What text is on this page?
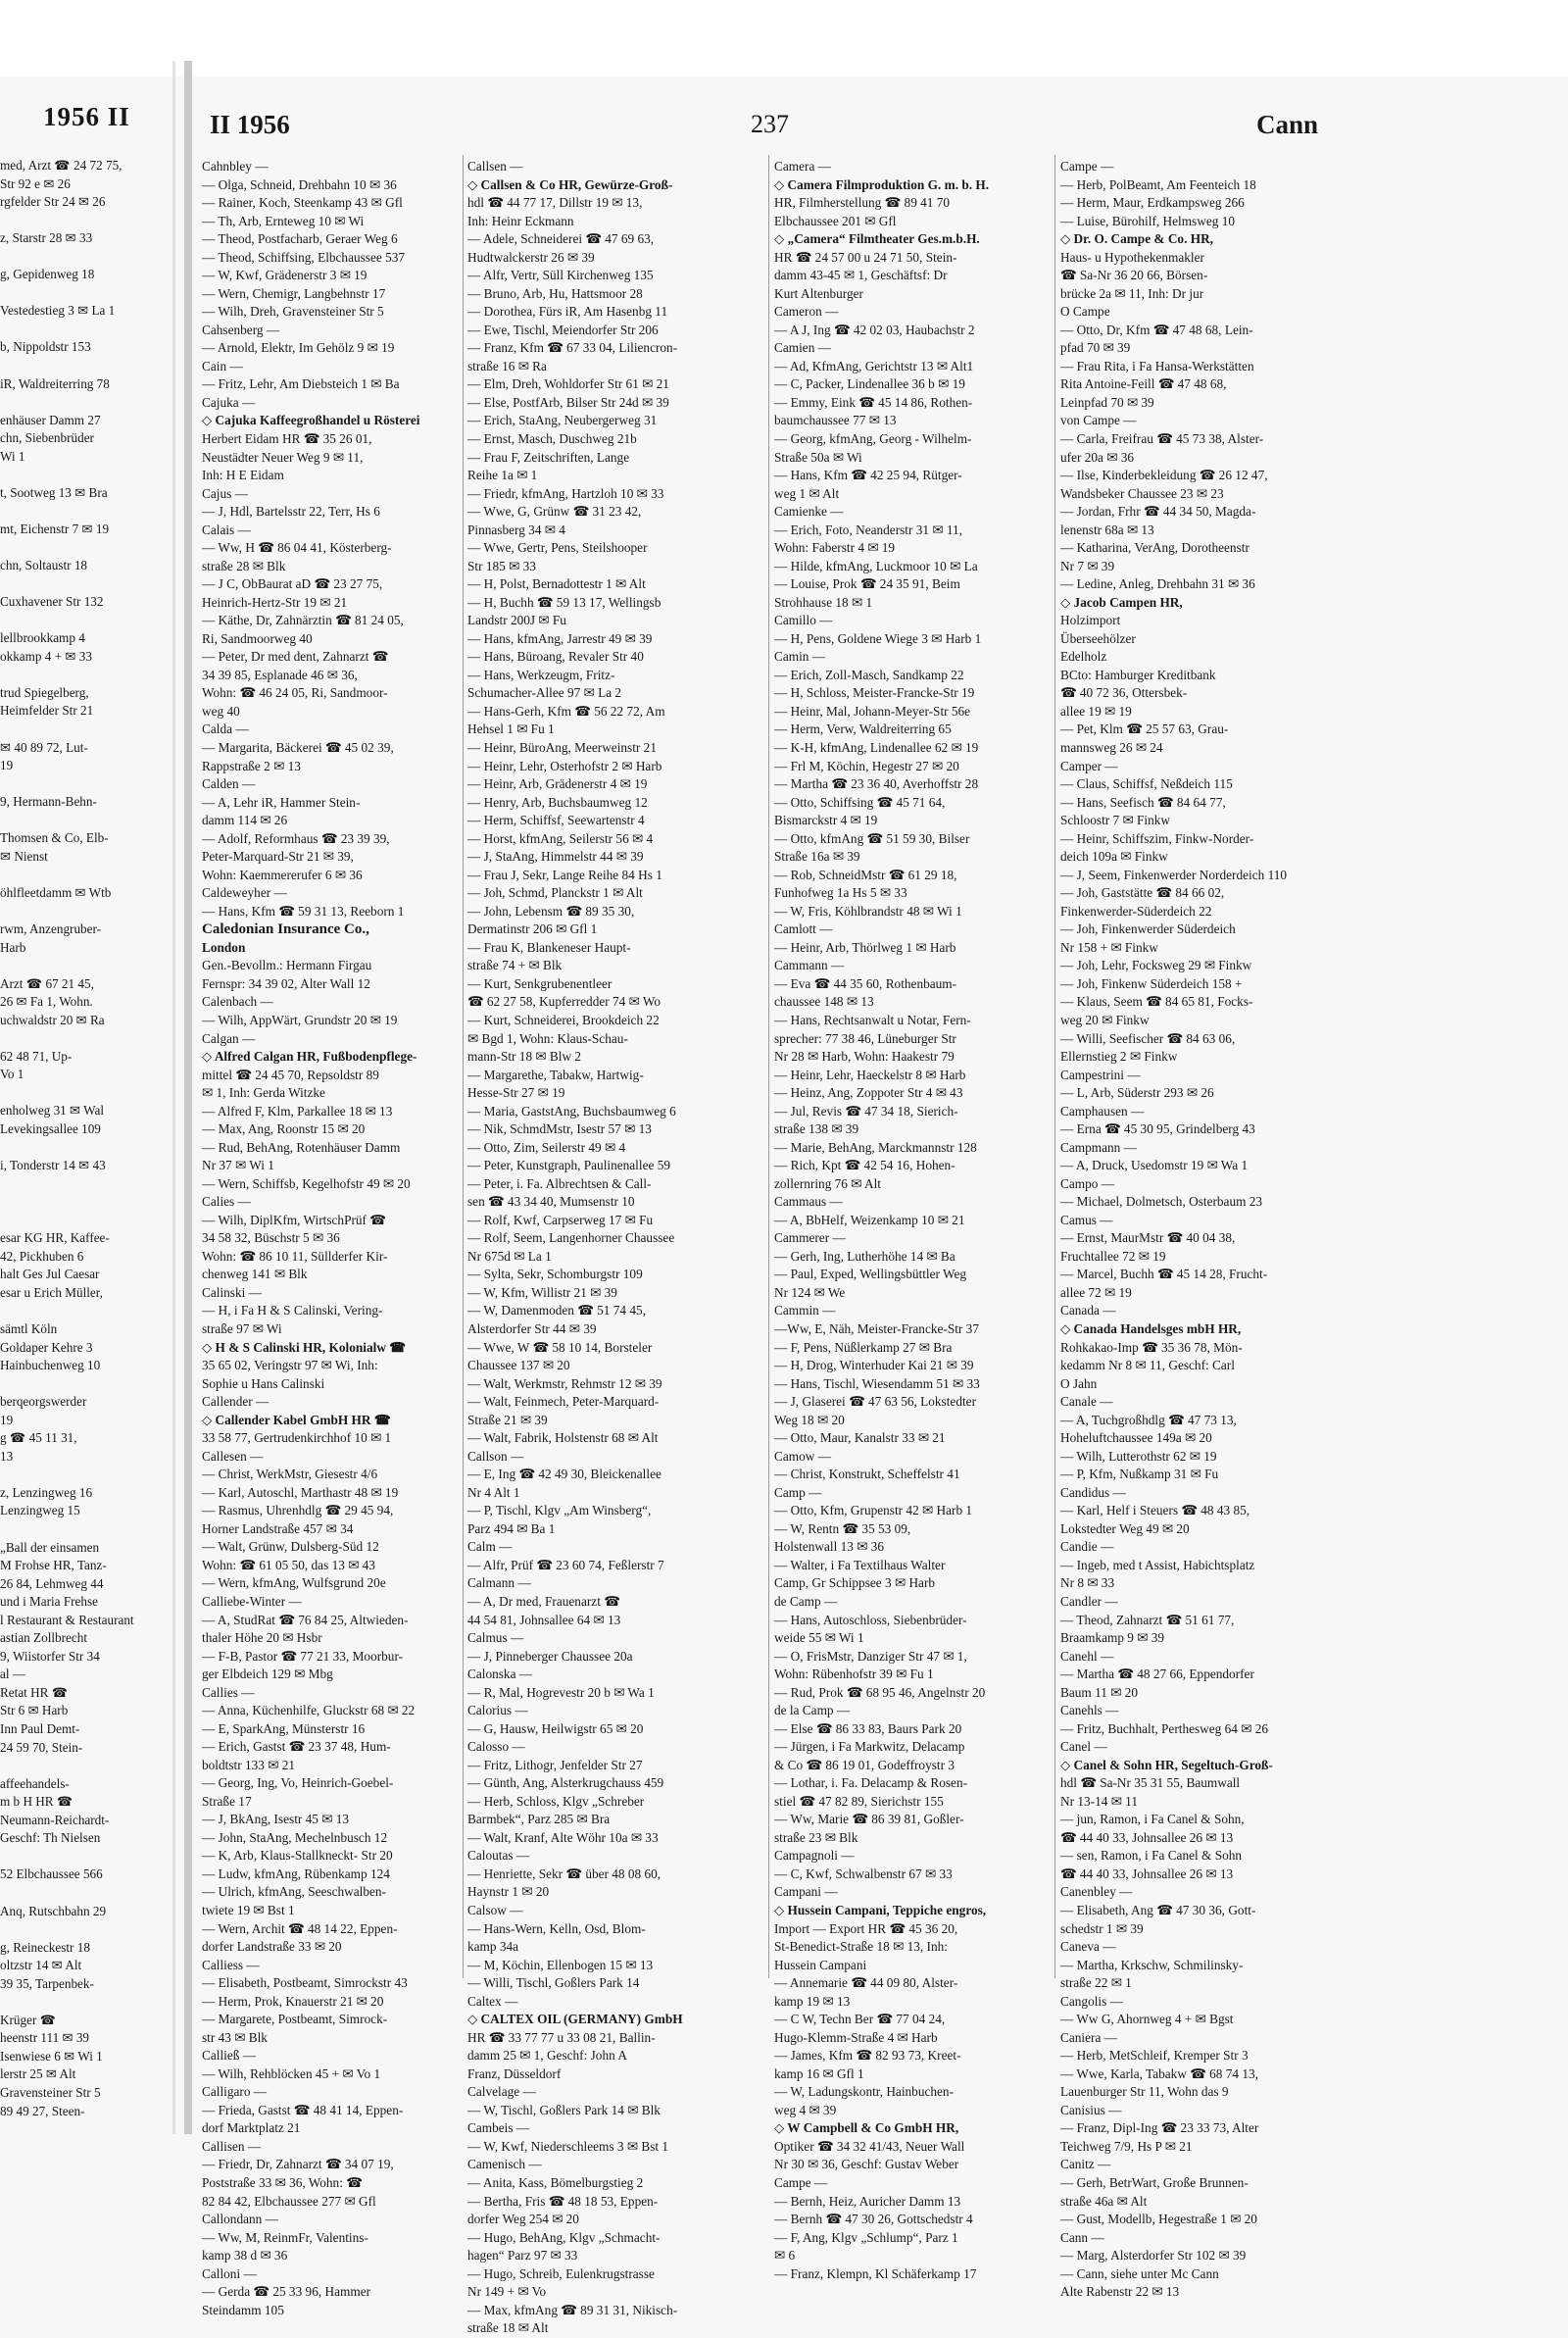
1956 II
med, Arzt ☎ 24 72 75,
Str 92 e ✉ 26
rgfelder Str 24 ✉ 26

z, Starstr 28 ✉ 33

g, Gepidenweg 18

Vestedestieg 3 ✉ La 1

b, Nippoldstr 153

iR, Waldreiterring 78

enhäuser Damm 27
chn, Siebenbrüder
Wi 1

t, Sootweg 13 ✉ Bra

mt, Eichenstr 7 ✉ 19

chn, Soltaustr 18

Cuxhavener Str 132

lellbrookkamp 4
okkamp 4 + ✉ 33

trud Spiegelberg,
Heimfelder Str 21

✉ 40 89 72, Lut-
19

9, Hermann-Behn-

Thomsen & Co, Elb-
✉ Nienst

öhlfleetdamm ✉ Wtb

rwm, Anzengruber-
Harb

Arzt ☎ 67 21 45,
26 ✉ Fa 1, Wohn.
uchwaldstr 20 ✉ Ra

62 48 71, Up-
Vo 1

enholweg 31 ✉ Wal
Levekingsallee 109

i, Tonderstr 14 ✉ 43

esar KG HR, Kaffee-
42, Pickhuben 6
halt Ges Jul Caesar
esar u Erich Müller,

sämtl Köln
Goldaper Kehre 3
Hainbuchenweg 10

berqeorgswerder
19
g ☎ 45 11 31,
13

z, Lenzingweg 16
Lenzingweg 15

„Ball der einsamen
M Frohse HR, Tanz-
26 84, Lehmweg 44
und i Maria Frehse
l Restaurant & Restaurant
astian Zollbrecht
9, Wiistorfer Str 34
al —
Retat HR ☎
Str 6 ✉ Harb
Inn Paul Demt-
24 59 70, Stein-

affeehandels-
m b H HR ☎
Neumann-Reichardt-
Geschf: Th Nielsen

52 Elbchaussee 566

Anq, Rutschbahn 29

g, Reineckestr 18
oltzstr 14 ✉ Alt
39 35, Tarpenbek-

Krüger ☎
heenstr 111 ✉ 39
Isenwiese 6 ✉ Wi 1
lerstr 25 ✉ Alt
Gravensteiner Str 5
89 49 27, Steen-
II 1956	237	Cann
Cahnbley —
— Olga, Schneid, Drehbahn 10 ✉ 36
— Rainer, Koch, Steenkamp 43 ✉ Gfl
— Th, Arb, Ernteweg 10 ✉ Wi
— Theod, Postfacharb, Geraer Weg 6
— Theod, Schiffsing, Elbchaussee 537
— W, Kwf, Grädenerstr 3 ✉ 19
— Wern, Chemigr, Langbehnstr 17
— Wilh, Dreh, Gravensteiner Str 5
Cahsenberg —
— Arnold, Elektr, Im Gehölz 9 ✉ 19
Cain —
— Fritz, Lehr, Am Diebsteich 1 ✉ Ba
Cajuka —
◇ Cajuka Kaffeegroßhandel u Rösterei
Herbert Eidam HR ☎ 35 26 01,
Neustädter Neuer Weg 9 ✉ 11,
Inh: H E Eidam
Cajus —
— J, Hdl, Bartelsstr 22, Terr, Hs 6
Calais —
— Ww, H ☎ 86 04 41, Kösterberg-
straße 28 ✉ Blk
— J C, ObBaurat aD ☎ 23 27 75,
Heinrich-Hertz-Str 19 ✉ 21
— Käthe, Dr, Zahnärztin ☎ 81 24 05,
Ri, Sandmoorweg 40
— Peter, Dr med dent, Zahnarzt ☎
34 39 85, Esplanade 46 ✉ 36,
Wohn: ☎ 46 24 05, Ri, Sandmoor-
weg 40
Calda —
— Margarita, Bäckerei ☎ 45 02 39,
Rappstraße 2 ✉ 13
Calden —
— A, Lehr iR, Hammer Stein-
damm 114 ✉ 26
— Adolf, Reformhaus ☎ 23 39 39,
Peter-Marquard-Str 21 ✉ 39,
Wohn: Kaemmererufer 6 ✉ 36
Caldeweyher —
— Hans, Kfm ☎ 59 31 13, Reeborn 1
Caledonian Insurance Co.,
London
Gen.-Bevollm.: Hermann Firgau
Fernspr: 34 39 02, Alter Wall 12
Calenbach —
— Wilh, AppWärt, Grundstr 20 ✉ 19
Calgan —
◇ Alfred Calgan HR, Fußbodenpflege-
mittel ☎ 24 45 70, Repsoldstr 89
✉ 1, Inh: Gerda Witzke
— Alfred F, Klm, Parkallee 18 ✉ 13
— Max, Ang, Roonstr 15 ✉ 20
— Rud, BehAng, Rotenhäuser Damm
Nr 37 ✉ Wi 1
— Wern, Schiffsb, Kegelhofstr 49 ✉ 20
Calies —
— Wilh, DiplKfm, WirtschPrüf ☎
34 58 32, Büschstr 5 ✉ 36
Wohn: ☎ 86 10 11, Süllderfer Kir-
chenweg 141 ✉ Blk
Calinski —
— H, i Fa H & S Calinski, Vering-
straße 97 ✉ Wi
◇ H & S Calinski HR, Kolonialw ☎
35 65 02, Veringstr 97 ✉ Wi, Inh:
Sophie u Hans Calinski
Callender —
◇ Callender Kabel GmbH HR ☎
33 58 77, Gertrudenkirchhof 10 ✉ 1
Callesen —
— Christ, WerkMstr, Giesestr 4/6
— Karl, Autoschl, Marthastr 48 ✉ 19
— Rasmus, Uhrenhdlg ☎ 29 45 94,
Horner Landstraße 457 ✉ 34
— Walt, Grünw, Dulsberg-Süd 12
Wohn: ☎ 61 05 50, das 13 ✉ 43
— Wern, kfmAng, Wulfsgrund 20e
Calliebe-Winter —
— A, StudRat ☎ 76 84 25, Altwieden-
thaler Höhe 20 ✉ Hsbr
— F-B, Pastor ☎ 77 21 33, Moorbur-
ger Elbdeich 129 ✉ Mbg
Callies —
— Anna, Küchenhilfe, Gluckstr 68 ✉ 22
— E, SparkAng, Münsterstr 16
— Erich, Gastst ☎ 23 37 48, Hum-
boldtstr 133 ✉ 21
— Georg, Ing, Vo, Heinrich-Goebel-
Straße 17
— J, BkAng, Isestr 45 ✉ 13
— John, StaAng, Mechelnbusch 12
— K, Arb, Klaus-Stallkneckt- Str 20
— Ludw, kfmAng, Rübenkamp 124
— Ulrich, kfmAng, Seeschwalben-
twiete 19 ✉ Bst 1
— Wern, Archit ☎ 48 14 22, Eppen-
dorfer Landstraße 33 ✉ 20
Calliess —
— Elisabeth, Postbeamt, Simrockstr 43
— Herm, Prok, Knauerstr 21 ✉ 20
— Margarete, Postbeamt, Simrock-
str 43 ✉ Blk
Calließ —
— Wilh, Rehblöcken 45 + ✉ Vo 1
Calligaro —
— Frieda, Gastst ☎ 48 41 14, Eppen-
dorf Marktplatz 21
Callisen —
— Friedr, Dr, Zahnarzt ☎ 34 07 19,
Poststraße 33 ✉ 36, Wohn: ☎
82 84 42, Elbchaussee 277 ✉ Gfl
Callondann —
— Ww, M, ReinmFr, Valentins-
kamp 38 d ✉ 36
Calloni —
— Gerda ☎ 25 33 96, Hammer
Steindamm 105
Callsen —
◇ Callsen & Co HR, Gewürze-Groß-
hdl ☎ 44 77 17, Dillstr 19 ✉ 13,
Inh: Heinr Eckmann
— Adele, Schneiderei ☎ 47 69 63,
Hudtwalckerstr 26 ✉ 39
— Alfr, Vertr, Süll Kirchenweg 135
— Bruno, Arb, Hu, Hattsmoor 28
— Dorothea, Fürs iR, Am Hasenbg 11
— Ewe, Tischl, Meiendorfer Str 206
— Franz, Kfm ☎ 67 33 04, Liliencron-
straße 16 ✉ Ra
— Elm, Dreh, Wohldorfer Str 61 ✉ 21
— Else, PostfArb, Bilser Str 24d ✉ 39
— Erich, StaAng, Neubergerweg 31
— Ernst, Masch, Duschweg 21b
— Frau F, Zeitschriften, Lange
Reihe 1a ✉ 1
— Friedr, kfmAng, Hartzloh 10 ✉ 33
— Wwe, G, Grünw ☎ 31 23 42,
Pinnasberg 34 ✉ 4
— Wwe, Gertr, Pens, Steilshooper
Str 185 ✉ 33
— H, Polst, Bernadottestr 1 ✉ Alt
— H, Buchh ☎ 59 13 17, Wellingsb
Landstr 200J ✉ Fu
— Hans, kfmAng, Jarrestr 49 ✉ 39
— Hans, Büroang, Revaler Str 40
— Hans, Werkzeugm, Fritz-
Schumacher-Allee 97 ✉ La 2
— Hans-Gerh, Kfm ☎ 56 22 72, Am
Hehsel 1 ✉ Fu 1
— Heinr, BüroAng, Meerweinstr 21
— Heinr, Lehr, Osterhofstr 2 ✉ Harb
— Heinr, Arb, Grädenerstr 4 ✉ 19
— Henry, Arb, Buchsbaumweg 12
— Herm, Schiffsf, Seewartenstr 4
— Horst, kfmAng, Seilerstr 56 ✉ 4
— J, StaAng, Himmelstr 44 ✉ 39
— Frau J, Sekr, Lange Reihe 84 Hs 1
— Joh, Schmd, Planckstr 1 ✉ Alt
— John, Lebensm ☎ 89 35 30,
Dermatinstr 206 ✉ Gfl 1
— Frau K, Blankeneser Haupt-
straße 74 + ✉ Blk
— Kurt, Senkgrubenentleer
☎ 62 27 58, Kupferredder 74 ✉ Wo
— Kurt, Schneiderei, Brookdeich 22
✉ Bgd 1, Wohn: Klaus-Schau-
mann-Str 18 ✉ Blw 2
— Margarethe, Tabakw, Hartwig-
Hesse-Str 27 ✉ 19
— Maria, GaststAng, Buchsbaumweg 6
— Nik, SchmdMstr, Isestr 57 ✉ 13
— Otto, Zim, Seilerstr 49 ✉ 4
— Peter, Kunstgraph, Paulinenallee 59
— Peter, i. Fa. Albrechtsen & Call-
sen ☎ 43 34 40, Mumsenstr 10
— Rolf, Kwf, Carpserweg 17 ✉ Fu
— Rolf, Seem, Langenhorner Chaussee
Nr 675d ✉ La 1
— Sylta, Sekr, Schomburgstr 109
— W, Kfm, Willistr 21 ✉ 39
— W, Damenmoden ☎ 51 74 45,
Alsterdorfer Str 44 ✉ 39
— Wwe, W ☎ 58 10 14, Borsteler
Chaussee 137 ✉ 20
— Walt, Werkmstr, Rehmstr 12 ✉ 39
— Walt, Feinmech, Peter-Marquard-
Straße 21 ✉ 39
— Walt, Fabrik, Holstenstr 68 ✉ Alt
Callson —
— E, Ing ☎ 42 49 30, Bleickenallee
Nr 4 Alt 1
— P, Tischl, Klgv „Am Winsberg“,
Parz 494 ✉ Ba 1
Calm —
— Alfr, Prüf ☎ 23 60 74, Feßlerstr 7
Calmann —
— A, Dr med, Frauenarzt ☎
44 54 81, Johnsallee 64 ✉ 13
Calmus —
— J, Pinneberger Chaussee 20a
Calonska —
— R, Mal, Hogrevestr 20 b ✉ Wa 1
Calorius —
— G, Hausw, Heilwigstr 65 ✉ 20
Calosso —
— Fritz, Lithogr, Jenfelder Str 27
— Günth, Ang, Alsterkrugchauss 459
— Herb, Schloss, Klgv „Schreber
Barmbek“, Parz 285 ✉ Bra
— Walt, Kranf, Alte Wöhr 10a ✉ 33
Caloutas —
— Henriette, Sekr ☎ über 48 08 60,
Haynstr 1 ✉ 20
Calsow —
— Hans-Wern, Kelln, Osd, Blom-
kamp 34a
— M, Köchin, Ellenbogen 15 ✉ 13
— Willi, Tischl, Goßlers Park 14
Caltex —
◇ CALTEX OIL (GERMANY) GmbH
HR ☎ 33 77 77 u 33 08 21, Ballin-
damm 25 ✉ 1, Geschf: John A
Franz, Düsseldorf
Calvelage —
— W, Tischl, Goßlers Park 14 ✉ Blk
Cambeis —
— W, Kwf, Niederschleems 3 ✉ Bst 1
Camenisch —
— Anita, Kass, Bömelburgstieg 2
— Bertha, Fris ☎ 48 18 53, Eppen-
dorfer Weg 254 ✉ 20
— Hugo, BehAng, Klgv „Schmacht-
hagen“ Parz 97 ✉ 33
— Hugo, Schreib, Eulenkrugstrasse
Nr 149 + ✉ Vo
— Max, kfmAng ☎ 89 31 31, Nikisch-
straße 18 ✉ Alt
Camera —
◇ Camera Filmproduktion G. m. b. H.
HR, Filmherstellung ☎ 89 41 70
Elbchaussee 201 ✉ Gfl
◇ „Camera“ Filmtheater Ges.m.b.H.
HR ☎ 24 57 00 u 24 71 50, Stein-
damm 43-45 ✉ 1, Geschäftsf: Dr
Kurt Altenburger
Cameron —
— A J, Ing ☎ 42 02 03, Haubachstr 2
Camien —
— Ad, KfmAng, Gerichtstr 13 ✉ Alt1
— C, Packer, Lindenallee 36 b ✉ 19
— Emmy, Eink ☎ 45 14 86, Rothen-
baumchaussee 77 ✉ 13
— Georg, kfmAng, Georg - Wilhelm-
Straße 50a ✉ Wi
— Hans, Kfm ☎ 42 25 94, Rütger-
weg 1 ✉ Alt
Camienke —
— Erich, Foto, Neanderstr 31 ✉ 11,
Wohn: Faberstr 4 ✉ 19
— Hilde, kfmAng, Luckmoor 10 ✉ La
— Louise, Prok ☎ 24 35 91, Beim
Strohhause 18 ✉ 1
Camillo —
— H, Pens, Goldene Wiege 3 ✉ Harb 1
Camin —
— Erich, Zoll-Masch, Sandkamp 22
— H, Schloss, Meister-Francke-Str 19
— Heinr, Mal, Johann-Meyer-Str 56e
— Herm, Verw, Waldreiterring 65
— K-H, kfmAng, Lindenallee 62 ✉ 19
— Frl M, Köchin, Hegestr 27 ✉ 20
— Martha ☎ 23 36 40, Averhoffstr 28
— Otto, Schiffsing ☎ 45 71 64,
Bismarckstr 4 ✉ 19
— Otto, kfmAng ☎ 51 59 30, Bilser
Straße 16a ✉ 39
— Rob, SchneidMstr ☎ 61 29 18,
Funhofweg 1a Hs 5 ✉ 33
— W, Fris, Köhlbrandstr 48 ✉ Wi 1
Camlott —
— Heinr, Arb, Thörlweg 1 ✉ Harb
Cammann —
— Eva ☎ 44 35 60, Rothenbaum-
chaussee 148 ✉ 13
— Hans, Rechtsanwalt u Notar, Fern-
sprecher: 77 38 46, Lüneburger Str
Nr 28 ✉ Harb, Wohn: Haakestr 79
— Heinr, Lehr, Haeckelstr 8 ✉ Harb
— Heinz, Ang, Zoppoter Str 4 ✉ 43
— Jul, Revis ☎ 47 34 18, Sierich-
straße 138 ✉ 39
— Marie, BehAng, Marckmannstr 128
— Rich, Kpt ☎ 42 54 16, Hohen-
zollernring 76 ✉ Alt
Cammaus —
— A, BbHelf, Weizenkamp 10 ✉ 21
Cammerer —
— Gerh, Ing, Lutherhöhe 14 ✉ Ba
— Paul, Exped, Wellingsbüttler Weg
Nr 124 ✉ We
Cammin —
—Ww, E, Näh, Meister-Francke-Str 37
— F, Pens, Nüßlerkamp 27 ✉ Bra
— H, Drog, Winterhuder Kai 21 ✉ 39
— Hans, Tischl, Wiesendamm 51 ✉ 33
— J, Glaserei ☎ 47 63 56, Lokstedter
Weg 18 ✉ 20
— Otto, Maur, Kanalstr 33 ✉ 21
Camow —
— Christ, Konstrukt, Scheffelstr 41
Camp —
— Otto, Kfm, Grupenstr 42 ✉ Harb 1
— W, Rentn ☎ 35 53 09,
Holstenwall 13 ✉ 36
— Walter, i Fa Textilhaus Walter
Camp, Gr Schippsee 3 ✉ Harb
de Camp —
— Hans, Autoschloss, Siebenbrüder-
weide 55 ✉ Wi 1
— O, FrisMstr, Danziger Str 47 ✉ 1,
Wohn: Rübenhofstr 39 ✉ Fu 1
— Rud, Prok ☎ 68 95 46, Angelnstr 20
de la Camp —
— Else ☎ 86 33 83, Baurs Park 20
— Jürgen, i Fa Markwitz, Delacamp
& Co ☎ 86 19 01, Godeffroystr 3
— Lothar, i. Fa. Delacamp & Rosen-
stiel ☎ 47 82 89, Sierichstr 155
— Ww, Marie ☎ 86 39 81, Goßler-
straße 23 ✉ Blk
Campagnoli —
— C, Kwf, Schwalbenstr 67 ✉ 33
Campani —
◇ Hussein Campani, Teppiche engros,
Import — Export HR ☎ 45 36 20,
St-Benedict-Straße 18 ✉ 13, Inh:
Hussein Campani
— Annemarie ☎ 44 09 80, Alster-
kamp 19 ✉ 13
— C W, Techn Ber ☎ 77 04 24,
Hugo-Klemm-Straße 4 ✉ Harb
— James, Kfm ☎ 82 93 73, Kreet-
kamp 16 ✉ Gfl 1
— W, Ladungskontr, Hainbuchen-
weg 4 ✉ 39
◇ W Campbell & Co GmbH HR,
Optiker ☎ 34 32 41/43, Neuer Wall
Nr 30 ✉ 36, Geschf: Gustav Weber
Campe —
— Bernh, Heiz, Auricher Damm 13
— Bernh ☎ 47 30 26, Gottschedstr 4
— F, Ang, Klgv „Schlump“, Parz 1
✉ 6
— Franz, Klempn, Kl Schäferkamp 17
Campe —
— Herb, PolBeamt, Am Feenteich 18
— Herm, Maur, Erdkampsweg 266
— Luise, Bürohilf, Helmsweg 10
◇ Dr. O. Campe & Co. HR,
Haus- u Hypothekenmakler
☎ Sa-Nr 36 20 66, Börsen-
brücke 2a ✉ 11, Inh: Dr jur
O Campe
— Otto, Dr, Kfm ☎ 47 48 68, Lein-
pfad 70 ✉ 39
— Frau Rita, i Fa Hansa-Werkstätten
Rita Antoine-Feill ☎ 47 48 68,
Leinpfad 70 ✉ 39
von Campe —
— Carla, Freifrau ☎ 45 73 38, Alster-
ufer 20a ✉ 36
— Ilse, Kinderbekleidung ☎ 26 12 47,
Wandsbeker Chaussee 23 ✉ 23
— Jordan, Frhr ☎ 44 34 50, Magda-
lenenstr 68a ✉ 13
— Katharina, VerAng, Dorotheenstr
Nr 7 ✉ 39
— Ledine, Anleg, Drehbahn 31 ✉ 36
◇ Jacob Campen HR,
Holzimport
Überseehölzer
Edelholz
BCto: Hamburger Kreditbank
☎ 40 72 36, Ottersbek-
allee 19 ✉ 19
— Pet, Klm ☎ 25 57 63, Grau-
mannsweg 26 ✉ 24
Camper —
— Claus, Schiffsf, Neßdeich 115
— Hans, Seefisch ☎ 84 64 77,
Schloostr 7 ✉ Finkw
— Heinr, Schiffszim, Finkw-Norder-
deich 109a ✉ Finkw
— J, Seem, Finkenwerder Norderdeich 110
— Joh, Gaststätte ☎ 84 66 02,
Finkenwerder-Süderdeich 22
— Joh, Finkenwerder Süderdeich
Nr 158 + ✉ Finkw
— Joh, Lehr, Focksweg 29 ✉ Finkw
— Joh, Finkenw Süderdeich 158 +
— Klaus, Seem ☎ 84 65 81, Focks-
weg 20 ✉ Finkw
— Willi, Seefischer ☎ 84 63 06,
Ellernstieg 2 ✉ Finkw
Campestrini —
— L, Arb, Süderstr 293 ✉ 26
Camphausen —
— Erna ☎ 45 30 95, Grindelberg 43
Campmann —
— A, Druck, Usedomstr 19 ✉ Wa 1
Campo —
— Michael, Dolmetsch, Osterbaum 23
Camus —
— Ernst, MaurMstr ☎ 40 04 38,
Fruchtallee 72 ✉ 19
— Marcel, Buchh ☎ 45 14 28, Frucht-
allee 72 ✉ 19
Canada —
◇ Canada Handelsges mbH HR,
Rohkakao-Imp ☎ 35 36 78, Mön-
kedamm Nr 8 ✉ 11, Geschf: Carl
O Jahn
Canale —
— A, Tuchgroßhdlg ☎ 47 73 13,
Hoheluftchaussee 149a ✉ 20
— Wilh, Lutterothstr 62 ✉ 19
— P, Kfm, Nußkamp 31 ✉ Fu
Candidus —
— Karl, Helf i Steuers ☎ 48 43 85,
Lokstedter Weg 49 ✉ 20
Candie —
— Ingeb, med t Assist, Habichtsplatz
Nr 8 ✉ 33
Candler —
— Theod, Zahnarzt ☎ 51 61 77,
Braamkamp 9 ✉ 39
Canehl —
— Martha ☎ 48 27 66, Eppendorfer
Baum 11 ✉ 20
Canehls —
— Fritz, Buchhalt, Perthesweg 64 ✉ 26
Canel —
◇ Canel & Sohn HR, Segeltuch-Groß-
hdl ☎ Sa-Nr 35 31 55, Baumwall
Nr 13-14 ✉ 11
— jun, Ramon, i Fa Canel & Sohn,
☎ 44 40 33, Johnsallee 26 ✉ 13
— sen, Ramon, i Fa Canel & Sohn
☎ 44 40 33, Johnsallee 26 ✉ 13
Canenbley —
— Elisabeth, Ang ☎ 47 30 36, Gott-
schedstr 1 ✉ 39
Caneva —
— Martha, Krkschw, Schmilinsky-
straße 22 ✉ 1
Cangolis —
— Ww G, Ahornweg 4 + ✉ Bgst
Caniera —
— Herb, MetSchleif, Kremper Str 3
— Wwe, Karla, Tabakw ☎ 68 74 13,
Lauenburger Str 11, Wohn das 9
Canisius —
— Franz, Dipl-Ing ☎ 23 33 73, Alter
Teichweg 7/9, Hs P ✉ 21
Canitz —
— Gerh, BetrWart, Große Brunnen-
straße 46a ✉ Alt
— Gust, Modellb, Hegestraße 1 ✉ 20
Cann —
— Marg, Alsterdorfer Str 102 ✉ 39
— Cann, siehe unter Mc Cann
Alte Rabenstr 22 ✉ 13
